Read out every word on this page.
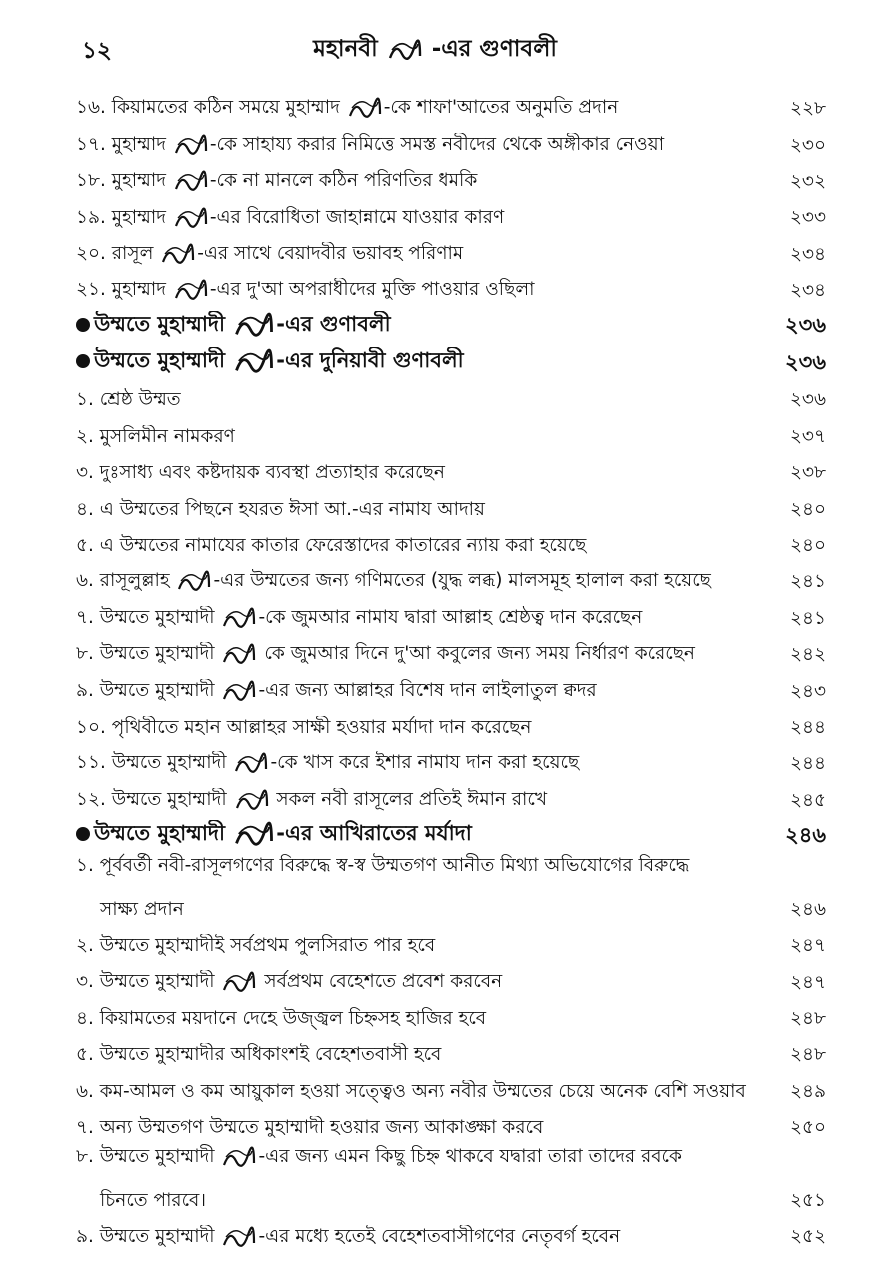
১২	মহানবী -এর গুণাবলী
১৬. কিয়ামতের কঠিন সময়ে মুহাম্মাদ
-কে শাফা'আতের অনুমতি প্রদান	২২৮
১৭. মুহাম্মাদ
-কে সাহায্য করার নিমিত্তে সমস্ত নবীদের থেকে অঙ্গীকার নেওয়া	২৩০
১৮. মুহাম্মাদ
-কে না মানলে কঠিন পরিণতির ধমকি	২৩২
১৯. মুহাম্মাদ
-এর বিরোধিতা জাহান্নামে যাওয়ার কারণ	২৩৩
২০. রাসূল
-এর সাথে বেয়াদবীর ভয়াবহ পরিণাম	২৩৪
২১. মুহাম্মাদ
-এর দু'আ অপরাধীদের মুক্তি পাওয়ার ওছিলা	২৩৪
উম্মতে মুহাম্মাদী
-এর গুণাবলী	২৩৬
উম্মতে মুহাম্মাদী
-এর দুনিয়াবী গুণাবলী	২৩৬
১. শ্রেষ্ঠ উম্মত	২৩৬
২. মুসলিমীন নামকরণ	২৩৭
৩. দুঃসাধ্য এবং কষ্টদায়ক ব্যবস্থা প্রত্যাহার করেছেন	২৩৮
৪. এ উম্মতের পিছনে হযরত ঈসা আ.-এর নামায আদায়	২৪০
৫. এ উম্মতের নামাযের কাতার ফেরেস্তাদের কাতারের ন্যায় করা হয়েছে	২৪০
৬. রাসূলুল্লাহ
-এর উম্মতের জন্য গণিমতের (যুদ্ধ লব্ধ) মালসমূহ হালাল করা হয়েছে	২৪১
৭. উম্মতে মুহাম্মাদী
-কে জুমআর নামায দ্বারা আল্লাহ শ্রেষ্ঠত্ব দান করেছেন	২৪১
৮. উম্মতে মুহাম্মাদী
কে জুমআর দিনে দু'আ কবুলের জন্য সময় নির্ধারণ করেছেন	২৪২
৯. উম্মতে মুহাম্মাদী
-এর জন্য আল্লাহর বিশেষ দান লাইলাতুল ক্বদর	২৪৩
১০. পৃথিবীতে মহান আল্লাহর সাক্ষী হওয়ার মর্যাদা দান করেছেন	২৪৪
১১. উম্মতে মুহাম্মাদী
-কে খাস করে ইশার নামায দান করা হয়েছে	২৪৪
১২. উম্মতে মুহাম্মাদী
সকল নবী রাসূলের প্রতিই ঈমান রাখে	২৪৫
উম্মতে মুহাম্মাদী
-এর আখিরাতের মর্যাদা	২৪৬
১. পূর্ববর্তী নবী-রাসূলগণের বিরুদ্ধে স্ব-স্ব উম্মতগণ আনীত মিথ্যা অভিযোগের বিরুদ্ধে
সাক্ষ্য প্রদান	২৪৬
২. উম্মতে মুহাম্মাদীই সর্বপ্রথম পুলসিরাত পার হবে	২৪৭
৩. উম্মতে মুহাম্মাদী
সর্বপ্রথম বেহেশতে প্রবেশ করবেন	২৪৭
৪. কিয়ামতের ময়দানে দেহে উজ্জ্বল চিহ্নসহ হাজির হবে	২৪৮
৫. উম্মতে মুহাম্মাদীর অধিকাংশই বেহেশতবাসী হবে	২৪৮
৬. কম-আমল ও কম আয়ুকাল হওয়া সত্ত্বেও অন্য নবীর উম্মতের চেয়ে অনেক বেশি সওয়াব	২৪৯
৭. অন্য উম্মতগণ উম্মতে মুহাম্মাদী হওয়ার জন্য আকাঙ্ক্ষা করবে	২৫০
৮. উম্মতে মুহাম্মাদী
-এর জন্য এমন কিছু চিহ্ন থাকবে যদ্বারা তারা তাদের রবকে
চিনতে পারবে।	২৫১
৯. উম্মতে মুহাম্মাদী
-এর মধ্যে হতেই বেহেশতবাসীগণের নেতৃবর্গ হবেন	২৫২
